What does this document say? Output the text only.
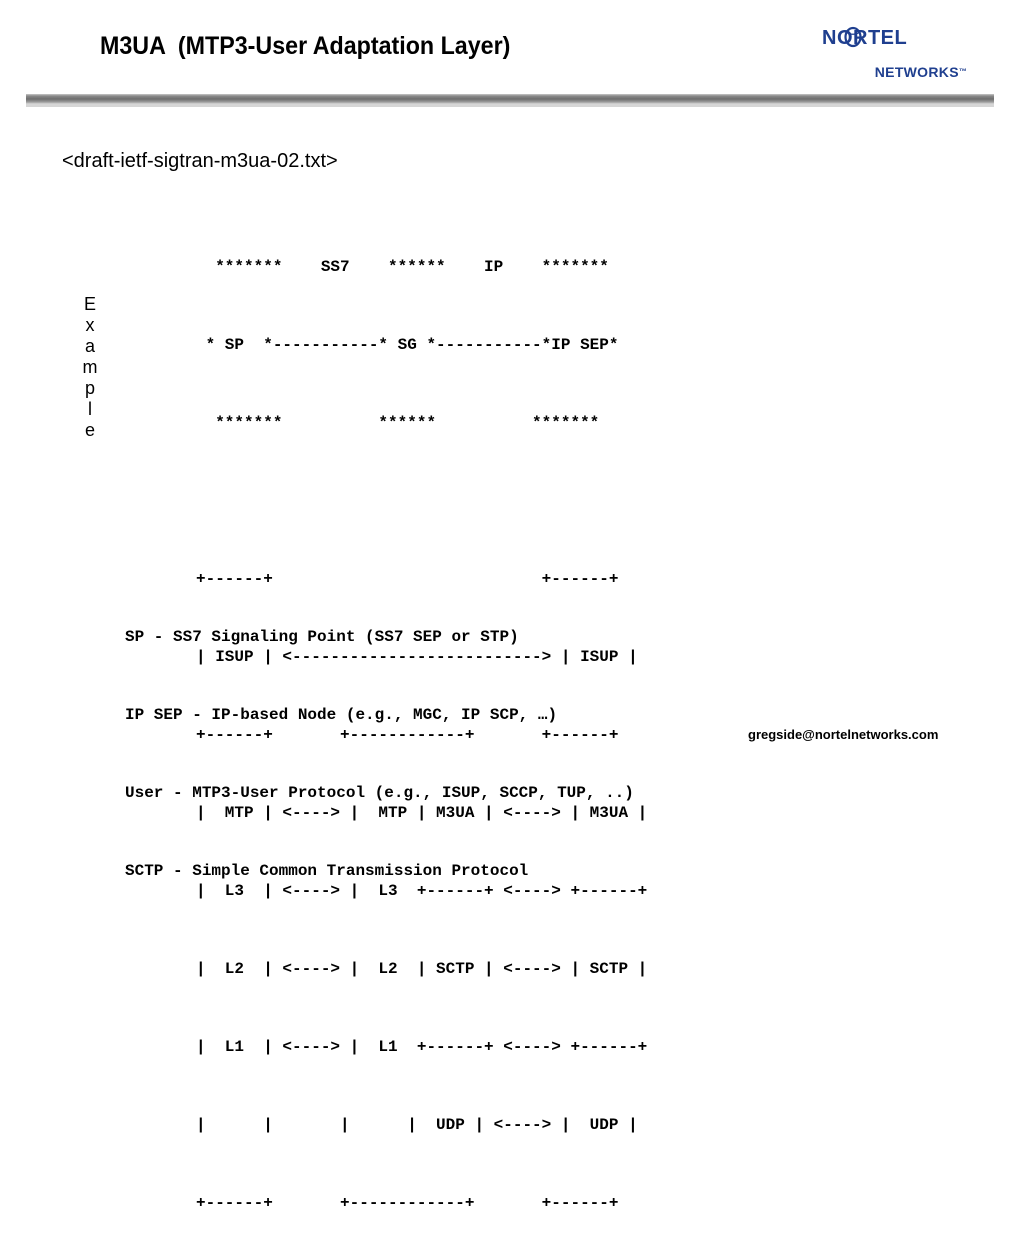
M3UA  (MTP3-User Adaptation Layer)	NORTEL

NETWORKS™

<draft-ietf-sigtran-m3ua-02.txt>
E
x
a
m
p
l
e

*******    SS7    ******    IP    *******

* SP  *-----------* SG *-----------*IP SEP*

*******          ******          *******

+------+                            +------+

| ISUP | <--------------------------> | ISUP |

+------+       +------------+       +------+

|  MTP | <----> |  MTP | M3UA | <----> | M3UA |

|  L3  | <----> |  L3  +------+ <----> +------+

|  L2  | <----> |  L2  | SCTP | <----> | SCTP |

|  L1  | <----> |  L1  +------+ <----> +------+

|      |       |      |  UDP | <----> |  UDP |

+------+       +------------+       +------+

SP - SS7 Signaling Point (SS7 SEP or STP)

IP SEP - IP-based Node (e.g., MGC, IP SCP, …)

User - MTP3-User Protocol (e.g., ISUP, SCCP, TUP, ..)

SCTP - Simple Common Transmission Protocol

gregside@nortelnetworks.com
